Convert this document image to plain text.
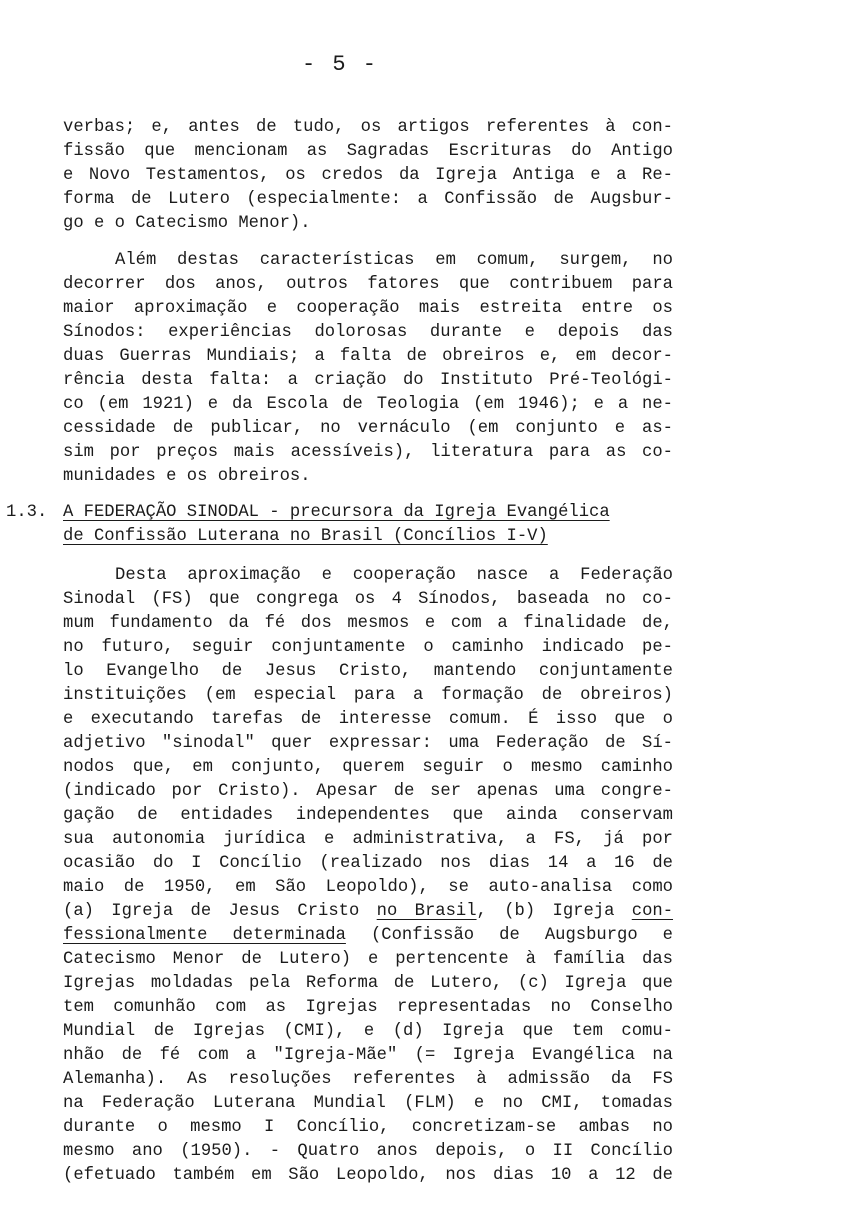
- 5 -
verbas; e, antes de tudo, os artigos referentes à con-
fissão que mencionam as Sagradas Escrituras do Antigo
e Novo Testamentos, os credos da Igreja Antiga e a Re-
forma de Lutero (especialmente: a Confissão de Augsbur-
go e o Catecismo Menor).
Além destas características em comum, surgem, no
decorrer dos anos, outros fatores que contribuem para
maior aproximação e cooperação mais estreita entre os
Sínodos: experiências dolorosas durante e depois das
duas Guerras Mundiais; a falta de obreiros e, em decor-
rência desta falta: a criação do Instituto Pré-Teológi-
co (em 1921) e da Escola de Teologia (em 1946); e a ne-
cessidade de publicar, no vernáculo (em conjunto e as-
sim por preços mais acessíveis), literatura para as co-
munidades e os obreiros.
1.3. A FEDERAÇÃO SINODAL - precursora da Igreja Evangélica
de Confissão Luterana no Brasil (Concílios I-V)
Desta aproximação e cooperação nasce a Federação
Sinodal (FS) que congrega os 4 Sínodos, baseada no co-
mum fundamento da fé dos mesmos e com a finalidade de,
no futuro, seguir conjuntamente o caminho indicado pe-
lo Evangelho de Jesus Cristo, mantendo conjuntamente
instituições (em especial para a formação de obreiros)
e executando tarefas de interesse comum. É isso que o
adjetivo "sinodal" quer expressar: uma Federação de Sí-
nodos que, em conjunto, querem seguir o mesmo caminho
(indicado por Cristo). Apesar de ser apenas uma congre-
gação de entidades independentes que ainda conservam
sua autonomia jurídica e administrativa, a FS, já por
ocasião do I Concílio (realizado nos dias 14 a 16 de
maio de 1950, em São Leopoldo), se auto-analisa como
(a) Igreja de Jesus Cristo no Brasil, (b) Igreja con-
fessionalmente determinada (Confissão de Augsburgo e
Catecismo Menor de Lutero) e pertencente à família das
Igrejas moldadas pela Reforma de Lutero, (c) Igreja que
tem comunhão com as Igrejas representadas no Conselho
Mundial de Igrejas (CMI), e (d) Igreja que tem comu-
nhão de fé com a "Igreja-Mãe" (= Igreja Evangélica na
Alemanha). As resoluções referentes à admissão da FS
na Federação Luterana Mundial (FLM) e no CMI, tomadas
durante o mesmo I Concílio, concretizam-se ambas no
mesmo ano (1950). - Quatro anos depois, o II Concílio
(efetuado também em São Leopoldo, nos dias 10 a 12 de
